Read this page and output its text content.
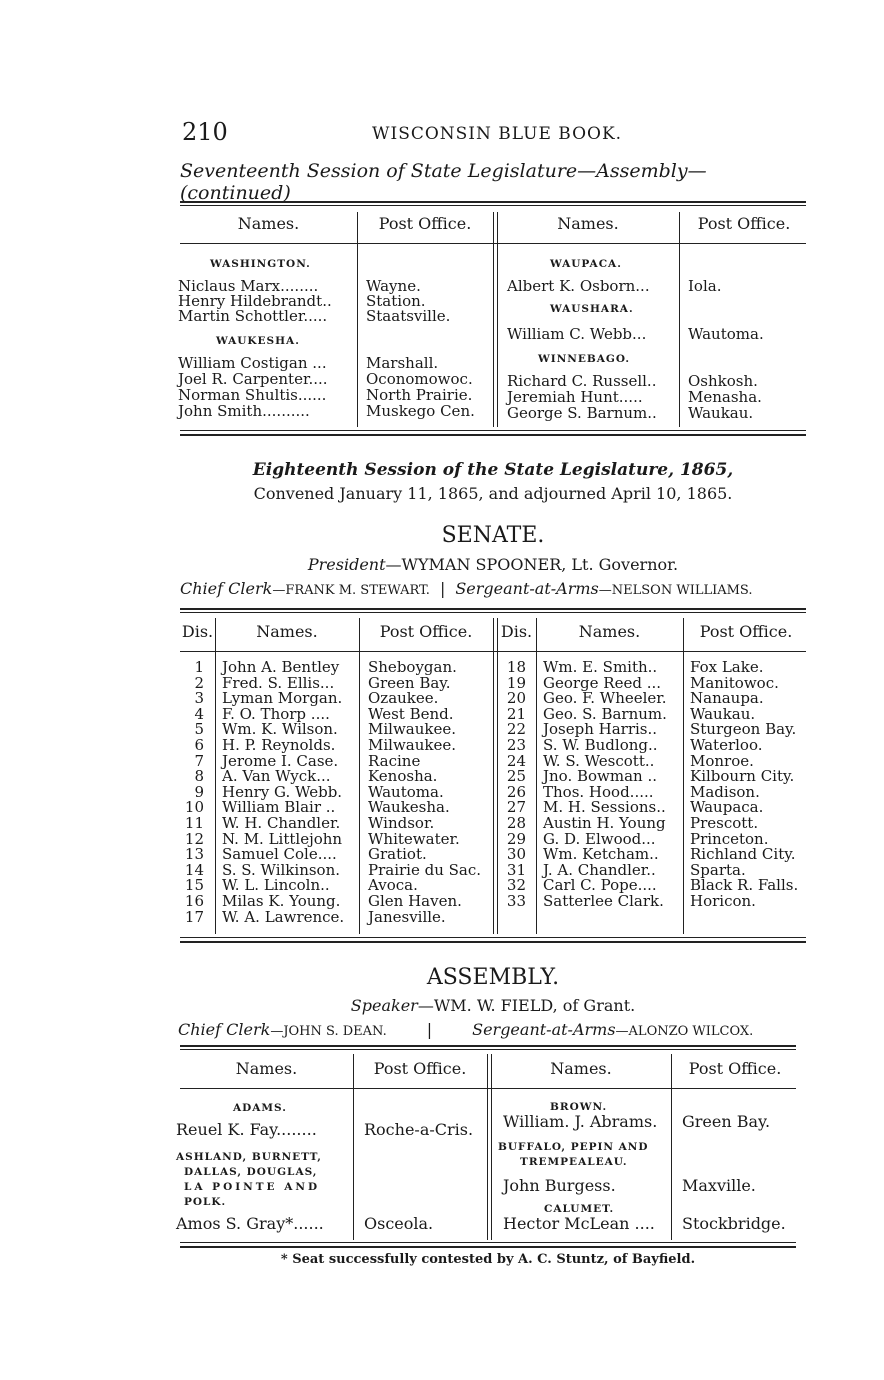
210	WISCONSIN BLUE BOOK.
Seventeenth Session of State Legislature—Assembly—(continued)
Names.	Post Office.	Names.	Post Office.
WASHINGTON.
Niclaus Marx........	Wayne.
Henry Hildebrandt.. Station.
Martin Schottler.....	Staatsville.
WAUKESHA.
William Costigan ...	Marshall.
Joel R. Carpenter....	Oconomowoc.
Norman Shultis......	North Prairie.
John Smith..........	Muskego Cen.
WAUPACA.
Albert K. Osborn...	Iola.
WAUSHARA.
William C. Webb...	Wautoma.
WINNEBAGO.
Richard C. Russell.. Oshkosh.
Jeremiah Hunt.....	Menasha.
George S. Barnum.. Waukau.
Eighteenth Session of the State Legislature, 1865,
Convened January 11, 1865, and adjourned April 10, 1865.
SENATE.
President—WYMAN SPOONER, Lt. Governor.
Chief Clerk—FRANK M. STEWART. | Sergeant-at-Arms—NELSON WILLIAMS.
Dis.	Names.	Post Office.	Dis.	Names.	Post Office.
1 John A. Bentley Sheboygan.
2 Fred. S. Ellis... Green Bay.
3 Lyman Morgan. Ozaukee.
4 F. O. Thorp ....	West Bend.
5 Wm. K. Wilson. Milwaukee.
6 H. P. Reynolds. Milwaukee.
7 Jerome I. Case. Racine
8 A. Van Wyck... Kenosha.
9 Henry G. Webb. Wautoma.
10 William Blair .. Waukesha.
11 W. H. Chandler. Windsor.
12 N. M. Littlejohn Whitewater.
13 Samuel Cole.... Gratiot.
14 S. S. Wilkinson. Prairie du Sac.
15 W. L. Lincoln..	Avoca.
16 Milas K. Young. Glen Haven.
17 W. A. Lawrence. Janesville.
18 Wm. E. Smith.. Fox Lake.
19 George Reed ... Manitowoc.
20 Geo. F. Wheeler. Nanaupa.
21 Geo. S. Barnum. Waukau.
22 Joseph Harris.. Sturgeon Bay.
23 S. W. Budlong.. Waterloo.
24 W. S. Wescott.. Monroe.
25 Jno. Bowman .. Kilbourn City.
26 Thos. Hood..... Madison.
27 M. H. Sessions.. Waupaca.
28 Austin H. Young Prescott.
29 G. D. Elwood... Princeton.
30 Wm. Ketcham.. Richland City.
31 J. A. Chandler.. Sparta.
32 Carl C. Pope.... Black R. Falls.
33 Satterlee Clark. Horicon.
ASSEMBLY.
Speaker—WM. W. FIELD, of Grant.
Chief Clerk—JOHN S. DEAN.	|	Sergeant-at-Arms—ALONZO WILCOX.
Names.	Post Office.	Names.	Post Office.
ADAMS.
Reuel K. Fay........	Roche-a-Cris.
ASHLAND, BURNETT,
DALLAS, DOUGLAS,
LA POINTE AND
POLK.
Amos S. Gray*......	Osceola.
BROWN.
William. J. Abrams. Green Bay.
BUFFALO, PEPIN AND
TREMPEALEAU.
John Burgess.	Maxville.
CALUMET.
Hector McLean .... Stockbridge.
* Seat successfully contested by A. C. Stuntz, of Bayfield.
